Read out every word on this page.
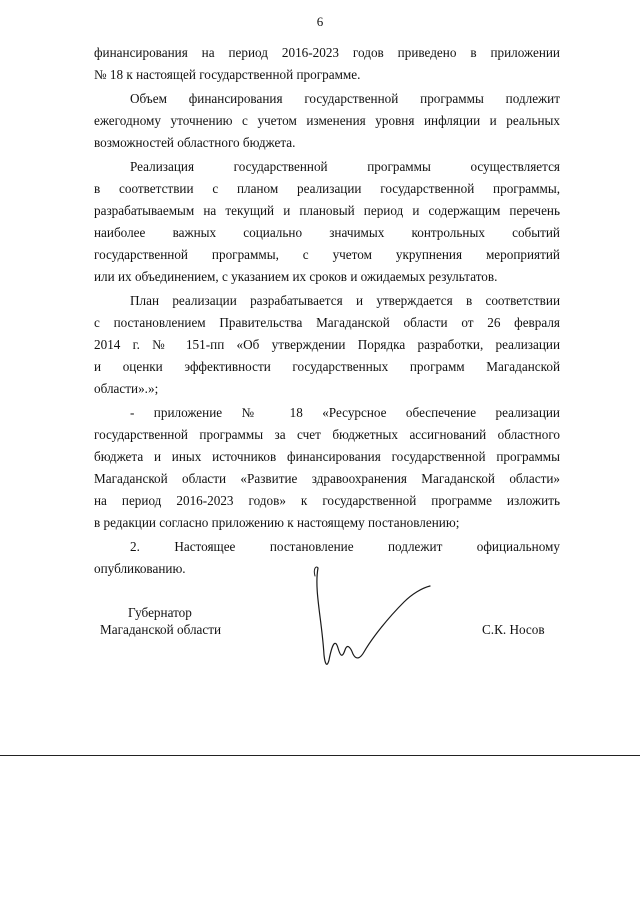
6
финансирования на период 2016-2023 годов приведено в приложении
№ 18 к настоящей государственной программе.
Объем финансирования государственной программы подлежит
ежегодному уточнению с учетом изменения уровня инфляции и реальных
возможностей областного бюджета.
Реализация государственной программы осуществляется
в соответствии с планом реализации государственной программы,
разрабатываемым на текущий и плановый период и содержащим перечень
наиболее важных социально значимых контрольных событий
государственной программы, с учетом укрупнения мероприятий
или их объединением, с указанием их сроков и ожидаемых результатов.
План реализации разрабатывается и утверждается в соответствии
с постановлением Правительства Магаданской области от 26 февраля
2014 г. № 151-пп «Об утверждении Порядка разработки, реализации
и оценки эффективности государственных программ Магаданской
области».»;
- приложение № 18 «Ресурсное обеспечение реализации
государственной программы за счет бюджетных ассигнований областного
бюджета и иных источников финансирования государственной программы
Магаданской области «Развитие здравоохранения Магаданской области»
на период 2016-2023 годов» к государственной программе изложить
в редакции согласно приложению к настоящему постановлению;
2. Настоящее постановление подлежит официальному
опубликованию.
Губернатор
Магаданской области	С.К. Носов
